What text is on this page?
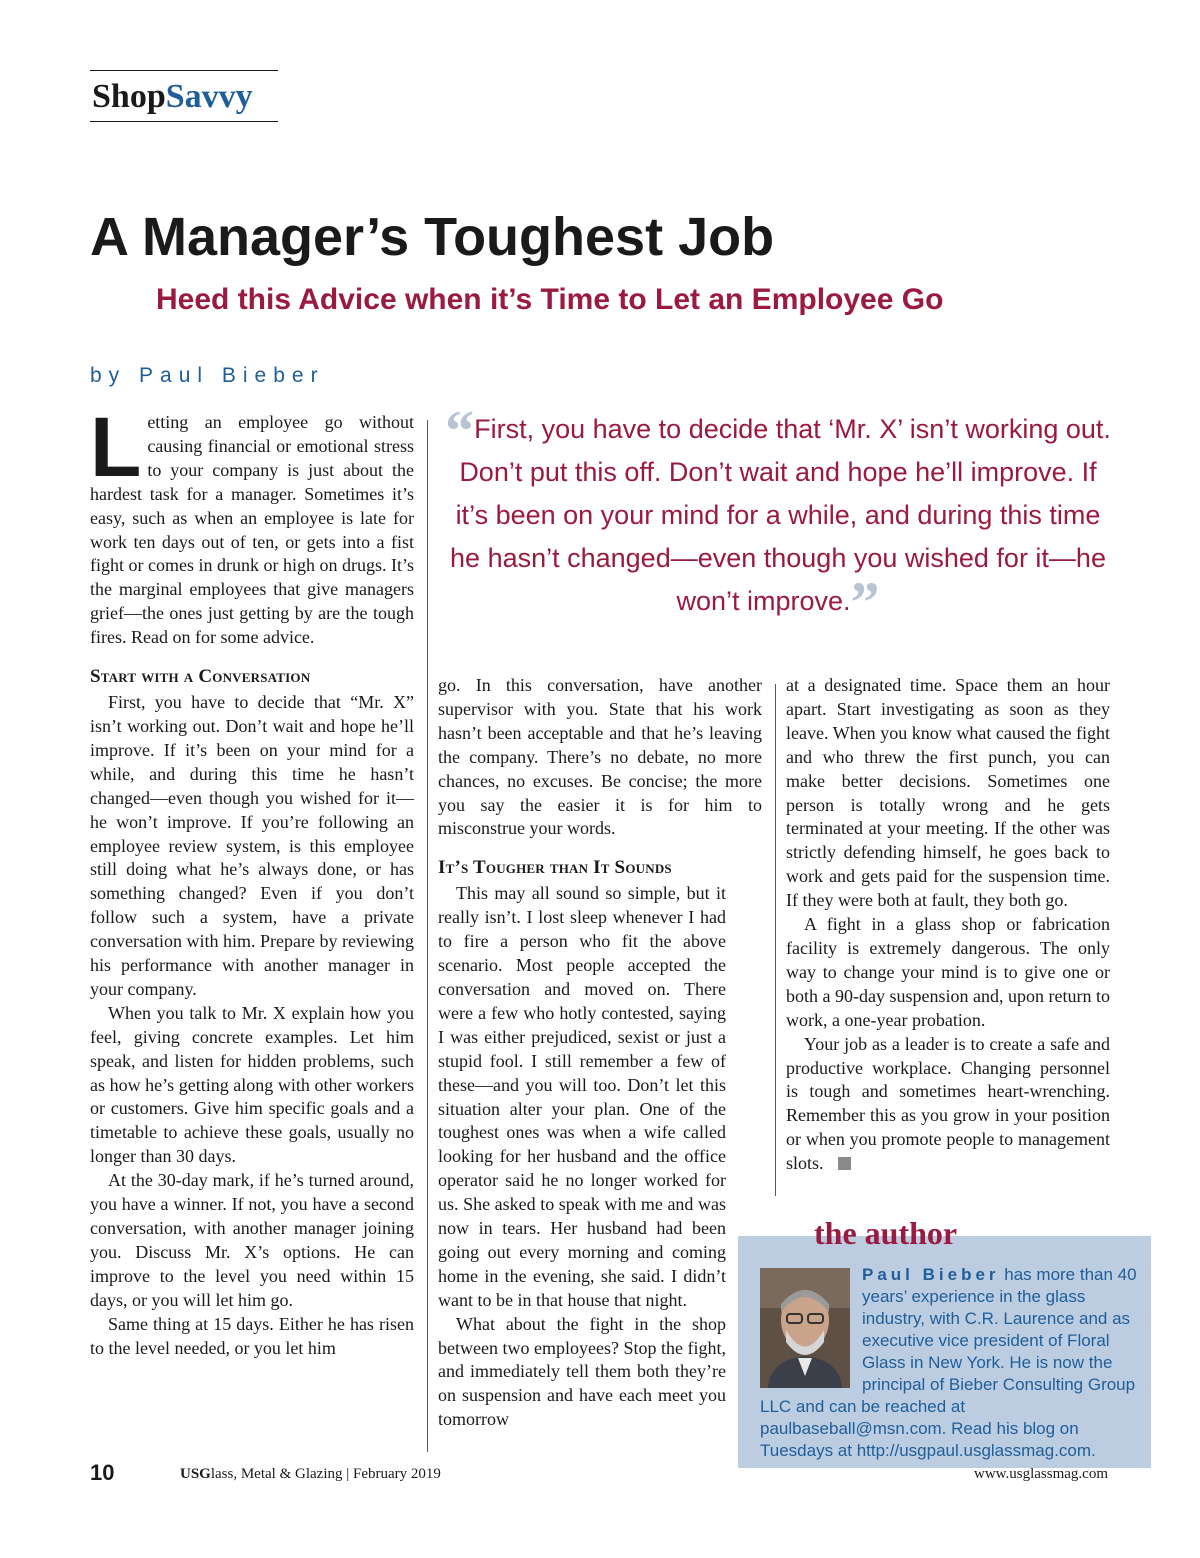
ShopSavvy
A Manager’s Toughest Job
Heed this Advice when it’s Time to Let an Employee Go
by Paul Bieber

Letting an employee go without causing financial or emotional stress to your company is just about the hardest task for a manager. Sometimes it’s easy, such as when an employee is late for work ten days out of ten, or gets into a fist fight or comes in drunk or high on drugs. It’s the marginal employees that give managers grief—the ones just getting by are the tough fires. Read on for some advice.

Start with a Conversation

First, you have to decide that “Mr. X” isn’t working out. Don’t wait and hope he’ll improve. If it’s been on your mind for a while, and during this time he hasn’t changed—even though you wished for it—he won’t improve. If you’re following an employee review system, is this employee still doing what he’s always done, or has something changed? Even if you don’t follow such a system, have a private conversation with him. Prepare by reviewing his performance with another manager in your company.

When you talk to Mr. X explain how you feel, giving concrete examples. Let him speak, and listen for hidden problems, such as how he’s getting along with other workers or customers. Give him specific goals and a timetable to achieve these goals, usually no longer than 30 days.

At the 30-day mark, if he’s turned around, you have a winner. If not, you have a second conversation, with another manager joining you. Discuss Mr. X’s options. He can improve to the level you need within 15 days, or you will let him go.

Same thing at 15 days. Either he has risen to the level needed, or you let him

“First, you have to decide that ‘Mr. X’ isn’t working out. Don’t put this off. Don’t wait and hope he’ll improve. If it’s been on your mind for a while, and during this time he hasn’t changed—even though you wished for it—he won’t improve.”

go. In this conversation, have another supervisor with you. State that his work hasn’t been acceptable and that he’s leaving the company. There’s no debate, no more chances, no excuses. Be concise; the more you say the easier it is for him to misconstrue your words.

It’s Tougher than It Sounds

This may all sound so simple, but it really isn’t. I lost sleep whenever I had to fire a person who fit the above scenario. Most people accepted the conversation and moved on. There were a few who hotly contested, saying I was either prejudiced, sexist or just a stupid fool. I still remember a few of these—and you will too. Don’t let this situation alter your plan. One of the toughest ones was when a wife called looking for her husband and the office operator said he no longer worked for us. She asked to speak with me and was now in tears. Her husband had been going out every morning and coming home in the evening, she said. I didn’t want to be in that house that night.

What about the fight in the shop between two employees? Stop the fight, and immediately tell them both they’re on suspension and have each meet you tomorrow

at a designated time. Space them an hour apart. Start investigating as soon as they leave. When you know what caused the fight and who threw the first punch, you can make better decisions. Sometimes one person is totally wrong and he gets terminated at your meeting. If the other was strictly defending himself, he goes back to work and gets paid for the suspension time. If they were both at fault, they both go.

A fight in a glass shop or fabrication facility is extremely dangerous. The only way to change your mind is to give one or both a 90-day suspension and, upon return to work, a one-year probation.

Your job as a leader is to create a safe and productive workplace. Changing personnel is tough and sometimes heart-wrenching. Remember this as you grow in your position or when you promote people to management slots.

the author
Paul Bieber has more than 40 years’ experience in the glass industry, with C.R. Laurence and as executive vice president of Floral Glass in New York. He is now the principal of Bieber Consulting Group LLC and can be reached at paulbaseball@msn.com. Read his blog on Tuesdays at http://usgpaul.usglassmag.com.
10	USGlass, Metal & Glazing | February 2019	www.usglassmag.com
